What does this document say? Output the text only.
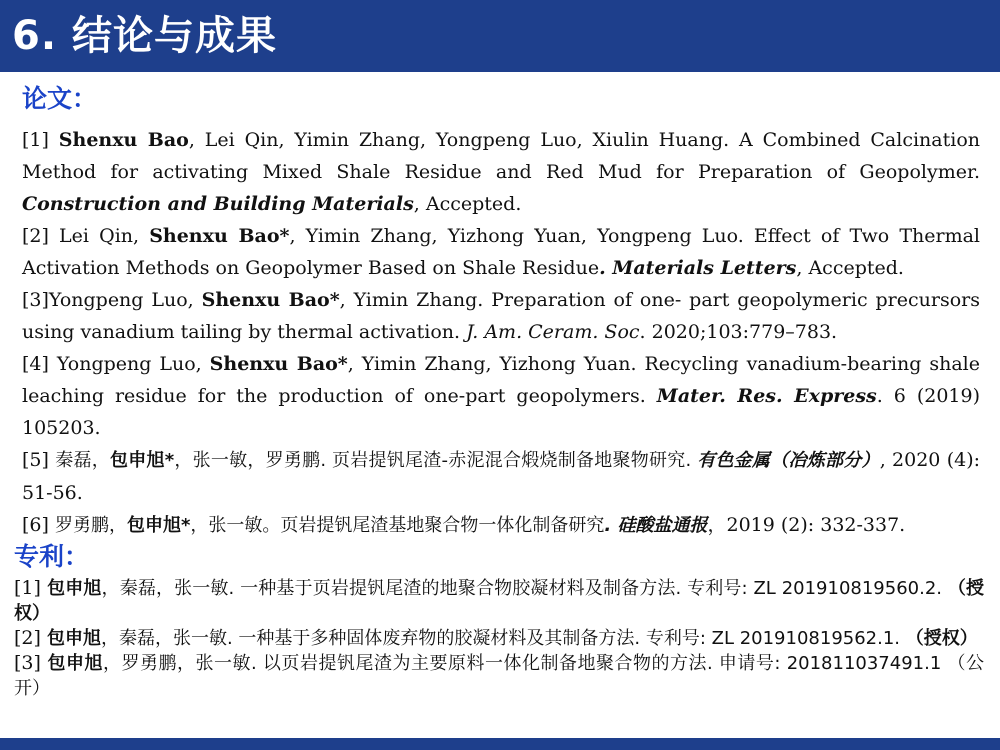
6. 结论与成果
论文：

[1] Shenxu Bao, Lei Qin, Yimin Zhang, Yongpeng Luo, Xiulin Huang. A Combined Calcination Method for activating Mixed Shale Residue and Red Mud for Preparation of Geopolymer. Construction and Building Materials, Accepted.

[2] Lei Qin, Shenxu Bao*, Yimin Zhang, Yizhong Yuan, Yongpeng Luo. Effect of Two Thermal Activation Methods on Geopolymer Based on Shale Residue. Materials Letters, Accepted.

[3]Yongpeng Luo, Shenxu Bao*, Yimin Zhang. Preparation of one‑ part geopolymeric precursors using vanadium tailing by thermal activation. J. Am. Ceram. Soc. 2020;103:779–783.

[4] Yongpeng Luo, Shenxu Bao*, Yimin Zhang, Yizhong Yuan. Recycling vanadium-bearing shale leaching residue for the production of one-part geopolymers. Mater. Res. Express. 6 (2019) 105203.

[5] 秦磊，包申旭*，张一敏，罗勇鹏. 页岩提钒尾渣-赤泥混合煅烧制备地聚物研究. 有色金属（冶炼部分）, 2020 (4): 51-56.

[6] 罗勇鹏，包申旭*，张一敏。页岩提钒尾渣基地聚合物一体化制备研究. 硅酸盐通报，2019 (2): 332-337.

专利：

[1] 包申旭，秦磊，张一敏. 一种基于页岩提钒尾渣的地聚合物胶凝材料及制备方法. 专利号: ZL 201910819560.2. （授权）

[2] 包申旭，秦磊，张一敏. 一种基于多种固体废弃物的胶凝材料及其制备方法. 专利号: ZL 201910819562.1. （授权）

[3] 包申旭，罗勇鹏，张一敏. 以页岩提钒尾渣为主要原料一体化制备地聚合物的方法. 申请号: 201811037491.1 （公开）
